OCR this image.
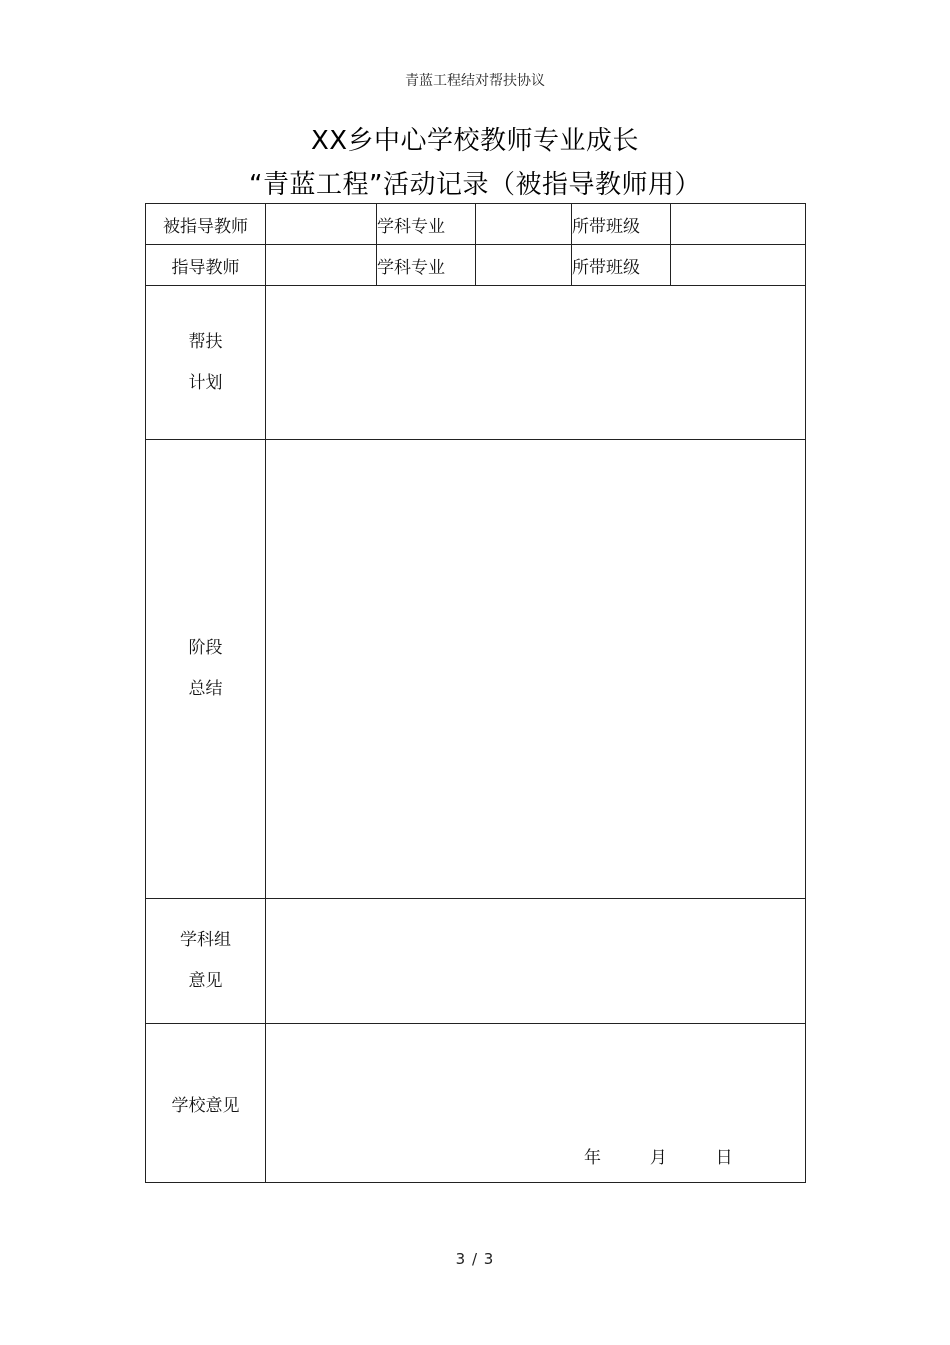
青蓝工程结对帮扶协议
XX乡中心学校教师专业成长
“青蓝工程”活动记录（被指导教师用）
被指导教师		学科专业		所带班级	
指导教师		学科专业		所带班级	

帮扶
计划					

阶段
总结					

学科组
意见					

学校意见					
年	月	日
3 / 3
